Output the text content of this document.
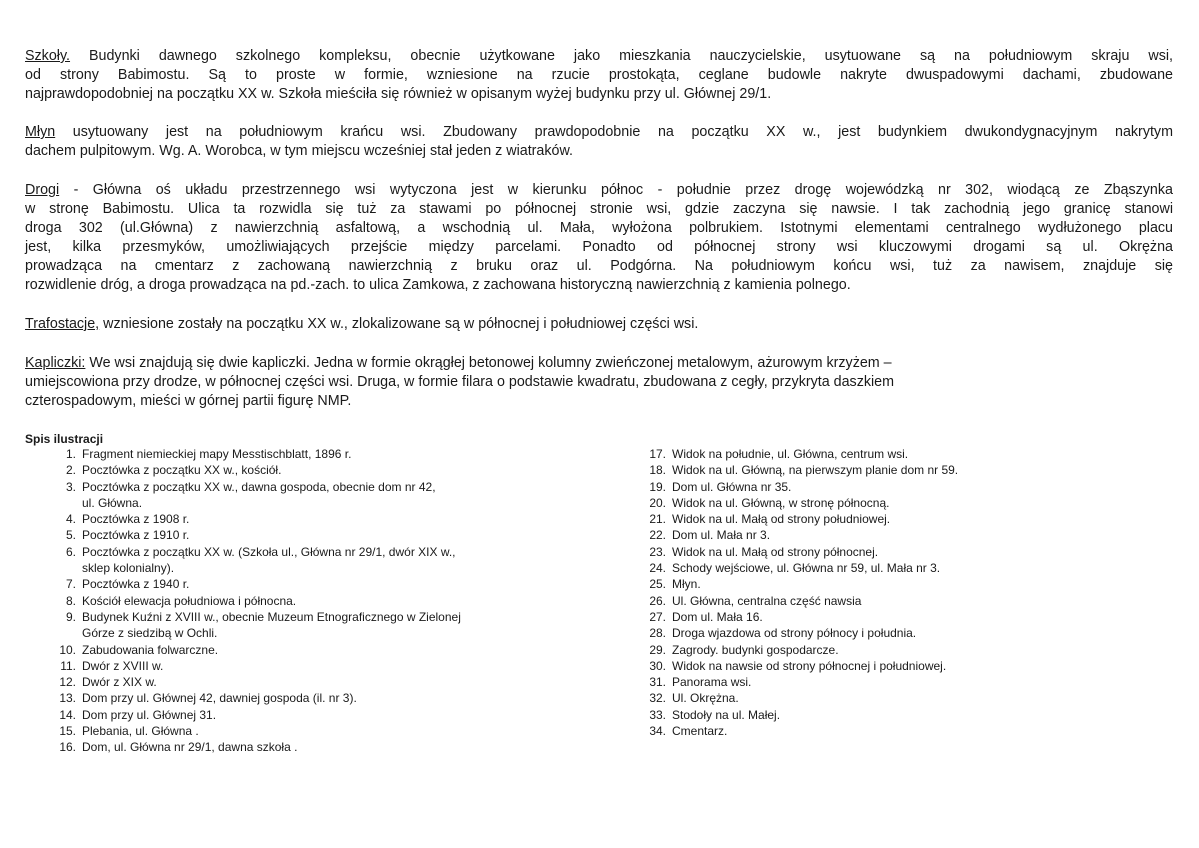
Szkoły. Budynki dawnego szkolnego kompleksu, obecnie użytkowane jako mieszkania nauczycielskie, usytuowane są na południowym skraju wsi,
od strony Babimostu. Są to proste w formie, wzniesione na rzucie prostokąta, ceglane budowle nakryte dwuspadowymi dachami, zbudowane
najprawdopodobniej na początku XX w. Szkoła mieściła się również w opisanym wyżej budynku przy ul. Głównej 29/1.
Młyn usytuowany jest na południowym krańcu wsi. Zbudowany prawdopodobnie na początku XX w., jest budynkiem dwukondygnacyjnym nakrytym
dachem pulpitowym. Wg. A. Worobca, w tym miejscu wcześniej stał jeden z wiatraków.
Drogi - Główna oś układu przestrzennego wsi wytyczona jest w kierunku północ - południe przez drogę wojewódzką nr 302, wiodącą ze Zbąszynka
w stronę Babimostu. Ulica ta rozwidla się tuż za stawami po północnej stronie wsi, gdzie zaczyna się nawsie. I tak zachodnią jego granicę stanowi
droga 302 (ul.Główna) z nawierzchnią asfaltową, a wschodnią ul. Mała, wyłożona polbrukiem. Istotnymi elementami centralnego wydłużonego placu
jest, kilka przesmyków, umożliwiających przejście między parcelami. Ponadto od północnej strony wsi kluczowymi drogami są ul. Okrężna
prowadząca na cmentarz z zachowaną nawierzchnią z bruku oraz ul. Podgórna. Na południowym końcu wsi, tuż za nawisem, znajduje się
rozwidlenie dróg, a droga prowadząca na pd.-zach. to ulica Zamkowa, z zachowana historyczną nawierzchnią z kamienia polnego.
Trafostacje, wzniesione zostały na początku XX w., zlokalizowane są w północnej i południowej części wsi.
Kapliczki: We wsi znajdują się dwie kapliczki. Jedna w formie okrągłej betonowej kolumny zwieńczonej metalowym, ażurowym krzyżem –
umiejscowiona przy drodze, w północnej części wsi. Druga, w formie filara o podstawie kwadratu, zbudowana z cegły, przykryta daszkiem
czterospadowym, mieści w górnej partii figurę NMP.

Spis ilustracji

1. Fragment niemieckiej mapy Messtischblatt, 1896 r.
2. Pocztówka z początku XX w., kościół.
3. Pocztówka z początku XX w., dawna gospoda, obecnie dom nr 42,
ul. Główna.
4. Pocztówka z 1908 r.
5. Pocztówka z 1910 r.
6. Pocztówka z początku XX w. (Szkoła ul., Główna nr 29/1, dwór XIX w.,
sklep kolonialny).
7. Pocztówka z 1940 r.
8. Kościół elewacja południowa i północna.
9. Budynek Kuźni z XVIII w., obecnie Muzeum Etnograficznego w Zielonej
Górze z siedzibą w Ochli.
10. Zabudowania folwarczne.
11. Dwór z XVIII w.
12. Dwór z XIX w.
13. Dom przy ul. Głównej 42, dawniej gospoda (il. nr 3).
14. Dom przy ul. Głównej 31.
15. Plebania, ul. Główna .
16. Dom, ul. Główna nr 29/1, dawna szkoła .
17. Widok na południe, ul. Główna, centrum wsi.
18. Widok na ul. Główną, na pierwszym planie dom nr 59.
19. Dom ul. Główna nr 35.
20. Widok na ul. Główną, w stronę północną.
21. Widok na ul. Małą od strony południowej.
22. Dom ul. Mała nr 3.
23. Widok na ul. Małą od strony północnej.
24. Schody wejściowe, ul. Główna nr 59, ul. Mała nr 3.
25. Młyn.
26. Ul. Główna, centralna część nawsia
27. Dom ul. Mała 16.
28. Droga wjazdowa od strony północy i południa.
29. Zagrody. budynki gospodarcze.
30. Widok na nawsie od strony północnej i południowej.
31. Panorama wsi.
32. Ul. Okrężna.
33. Stodoły na ul. Małej.
34. Cmentarz.
